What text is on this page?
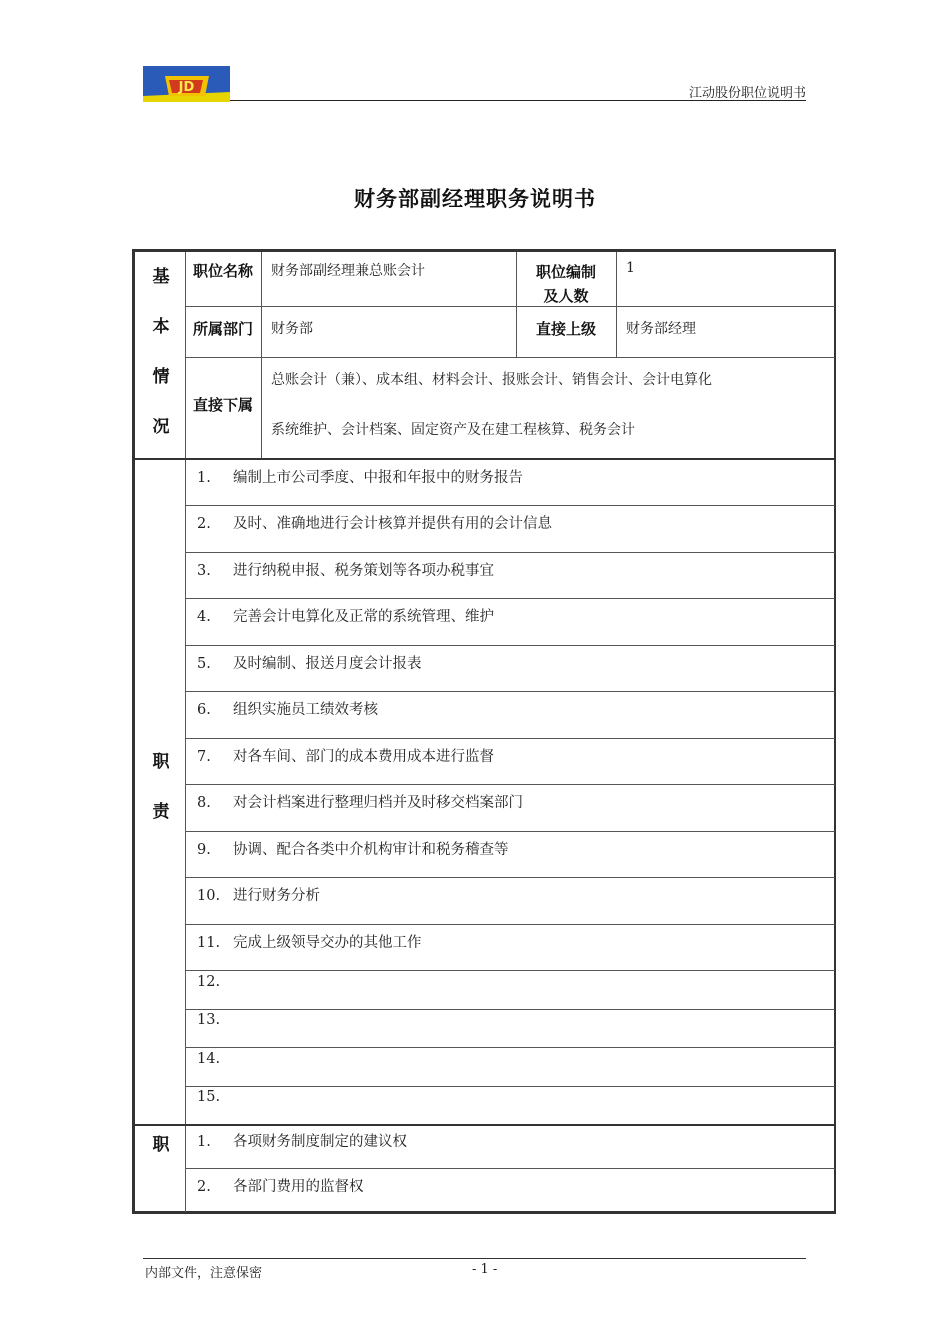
JD	江动股份职位说明书
财务部副经理职务说明书
基
本
情
况
职位名称	财务部副经理兼总账会计	职位编制
及人数
1
所属部门	财务部	直接上级	财务部经理
直接下属
总账会计（兼）、成本组、材料会计、报账会计、销售会计、会计电算化
系统维护、会计档案、固定资产及在建工程核算、税务会计
职
责
1. 编制上市公司季度、中报和年报中的财务报告
2. 及时、准确地进行会计核算并提供有用的会计信息
3. 进行纳税申报、税务策划等各项办税事宜
4. 完善会计电算化及正常的系统管理、维护
5. 及时编制、报送月度会计报表
6. 组织实施员工绩效考核
7. 对各车间、部门的成本费用成本进行监督
8. 对会计档案进行整理归档并及时移交档案部门
9. 协调、配合各类中介机构审计和税务稽查等
10. 进行财务分析
11. 完成上级领导交办的其他工作
12.
13.
14.
15.
职	1. 各项财务制度制定的建议权
2. 各部门费用的监督权
内部文件，注意保密	- 1 -
